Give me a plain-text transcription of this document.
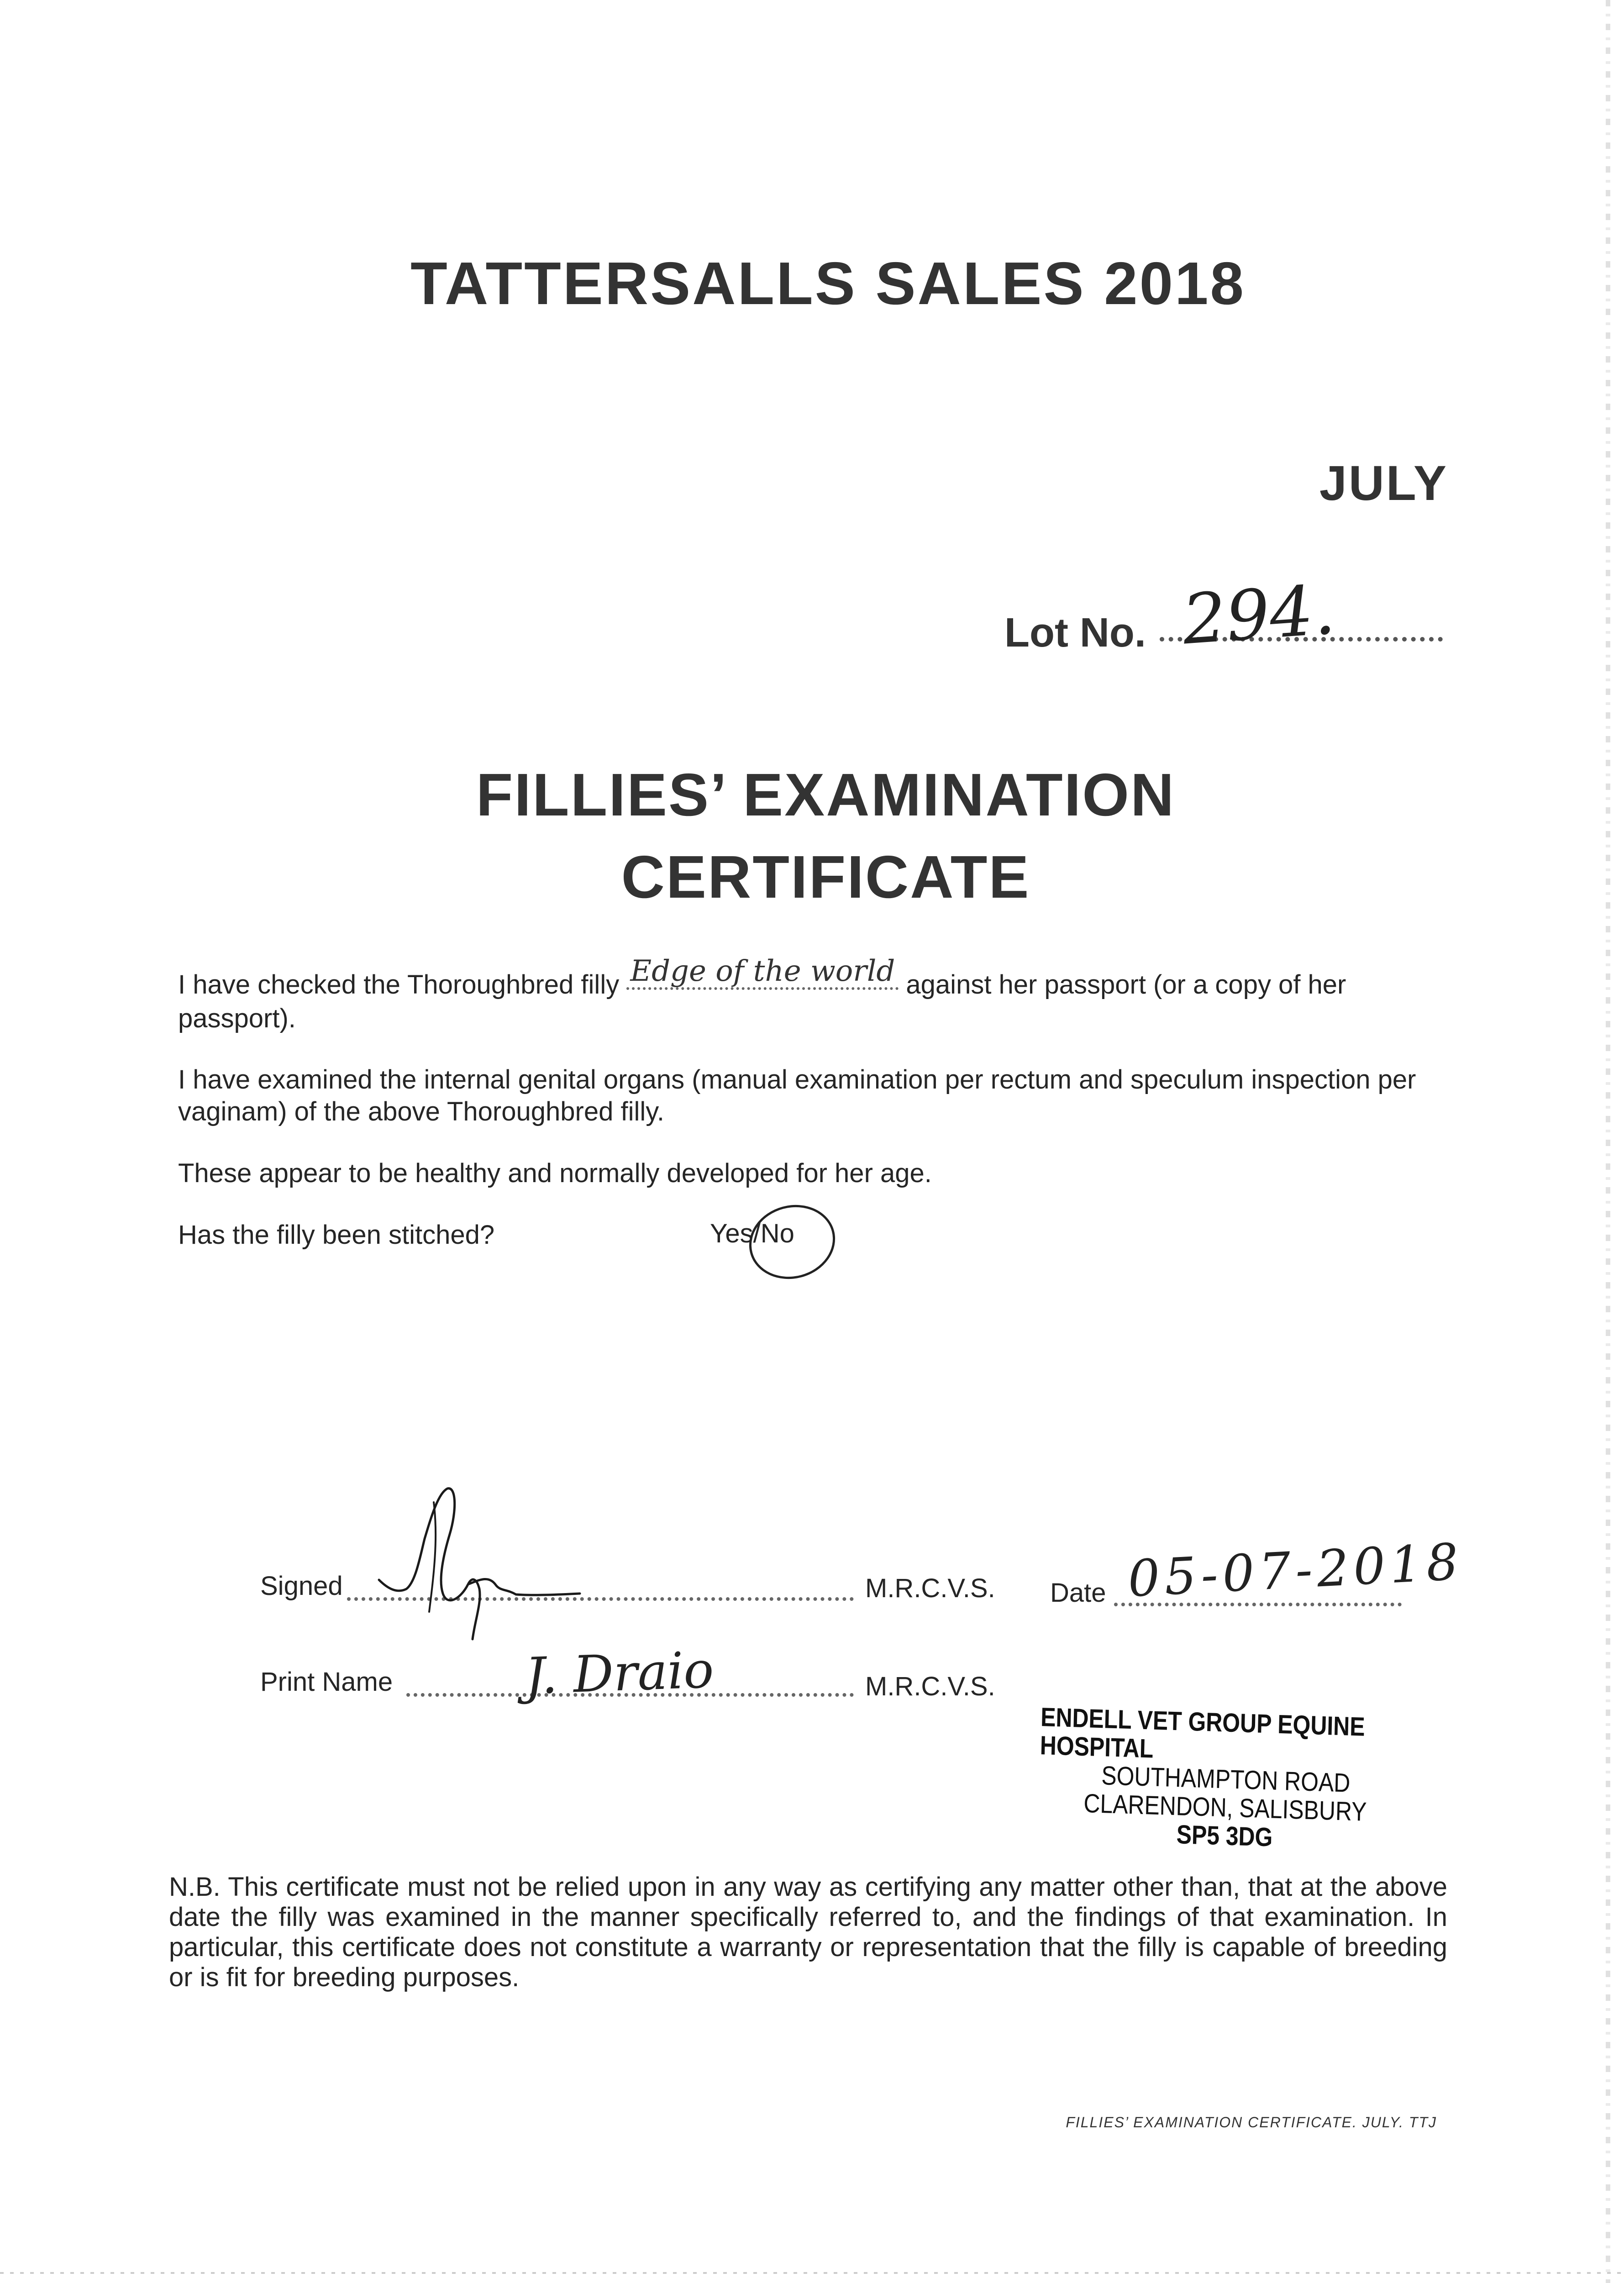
TATTERSALLS SALES 2018
JULY
Lot No. 294.
FILLIES’ EXAMINATION
CERTIFICATE
I have checked the Thoroughbred filly Edge of the world against her passport (or a copy of her passport).
I have examined the internal genital organs (manual examination per rectum and speculum inspection per vaginam) of the above Thoroughbred filly.
These appear to be healthy and normally developed for her age.
Has the filly been stitched?	Yes/No
Signed	M.R.C.V.S. Date 05-07-2018
Print Name	J. Draio	M.R.C.V.S.
ENDELL VET GROUP EQUINE HOSPITAL
SOUTHAMPTON ROAD
CLARENDON, SALISBURY
SP5 3DG
N.B. This certificate must not be relied upon in any way as certifying any matter other than, that at the above date the filly was examined in the manner specifically referred to, and the findings of that examination. In particular, this certificate does not constitute a warranty or representation that the filly is capable of breeding or is fit for breeding purposes.
FILLIES’ EXAMINATION CERTIFICATE. JULY. TTJ
